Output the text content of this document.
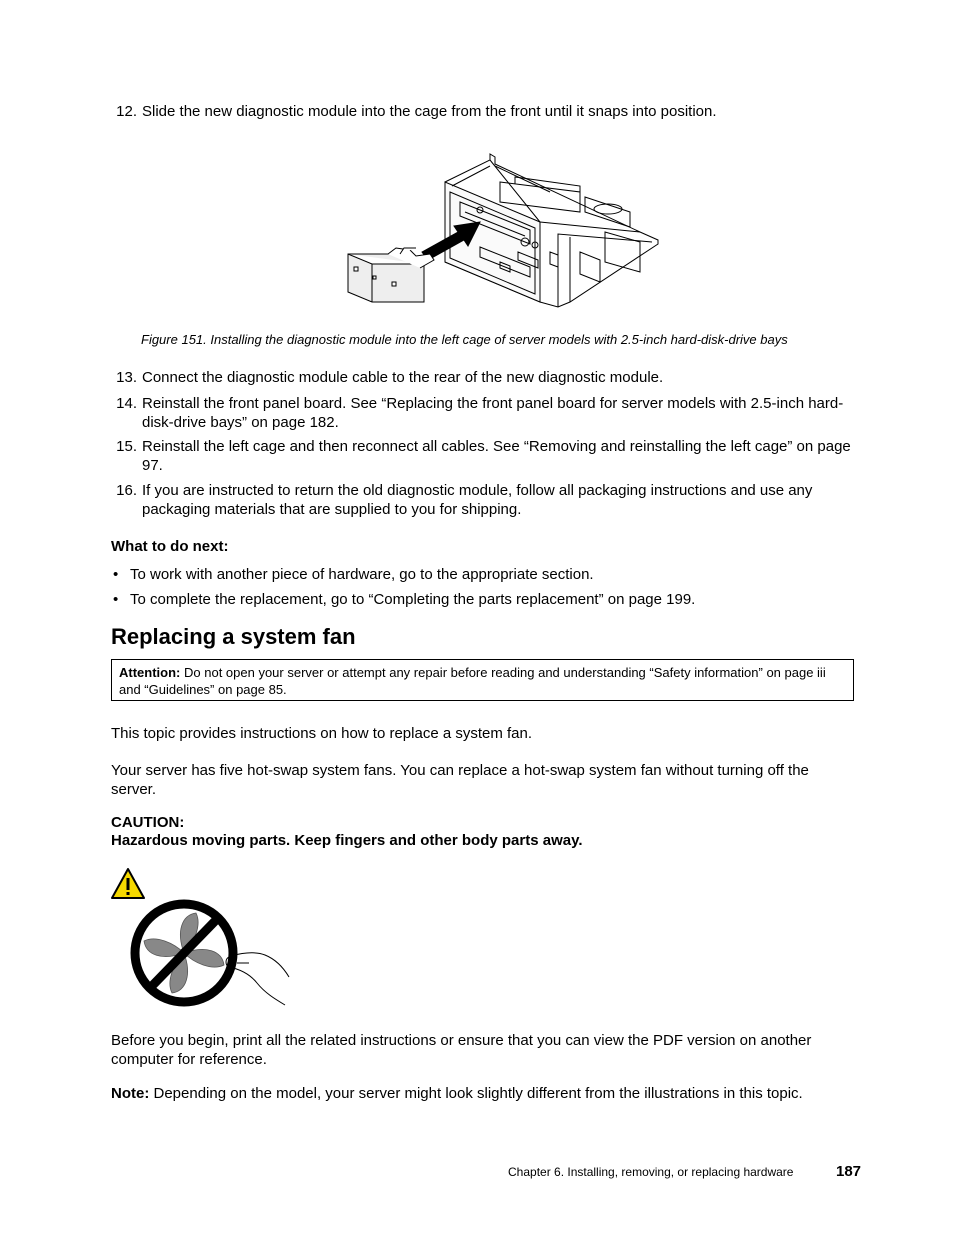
12. Slide the new diagnostic module into the cage from the front until it snaps into position.
Figure 151. Installing the diagnostic module into the left cage of server models with 2.5-inch hard-disk-drive bays
13. Connect the diagnostic module cable to the rear of the new diagnostic module.
14. Reinstall the front panel board. See “Replacing the front panel board for server models with 2.5-inch hard-disk-drive bays” on page 182.
15. Reinstall the left cage and then reconnect all cables. See “Removing and reinstalling the left cage” on page 97.
16. If you are instructed to return the old diagnostic module, follow all packaging instructions and use any packaging materials that are supplied to you for shipping.
What to do next:
• To work with another piece of hardware, go to the appropriate section.
• To complete the replacement, go to “Completing the parts replacement” on page 199.
Replacing a system fan
Attention: Do not open your server or attempt any repair before reading and understanding “Safety information” on page iii and “Guidelines” on page 85.
This topic provides instructions on how to replace a system fan.
Your server has five hot-swap system fans. You can replace a hot-swap system fan without turning off the server.
CAUTION:
Hazardous moving parts. Keep fingers and other body parts away.
Before you begin, print all the related instructions or ensure that you can view the PDF version on another computer for reference.
Note: Depending on the model, your server might look slightly different from the illustrations in this topic.
Chapter 6. Installing, removing, or replacing hardware	187
